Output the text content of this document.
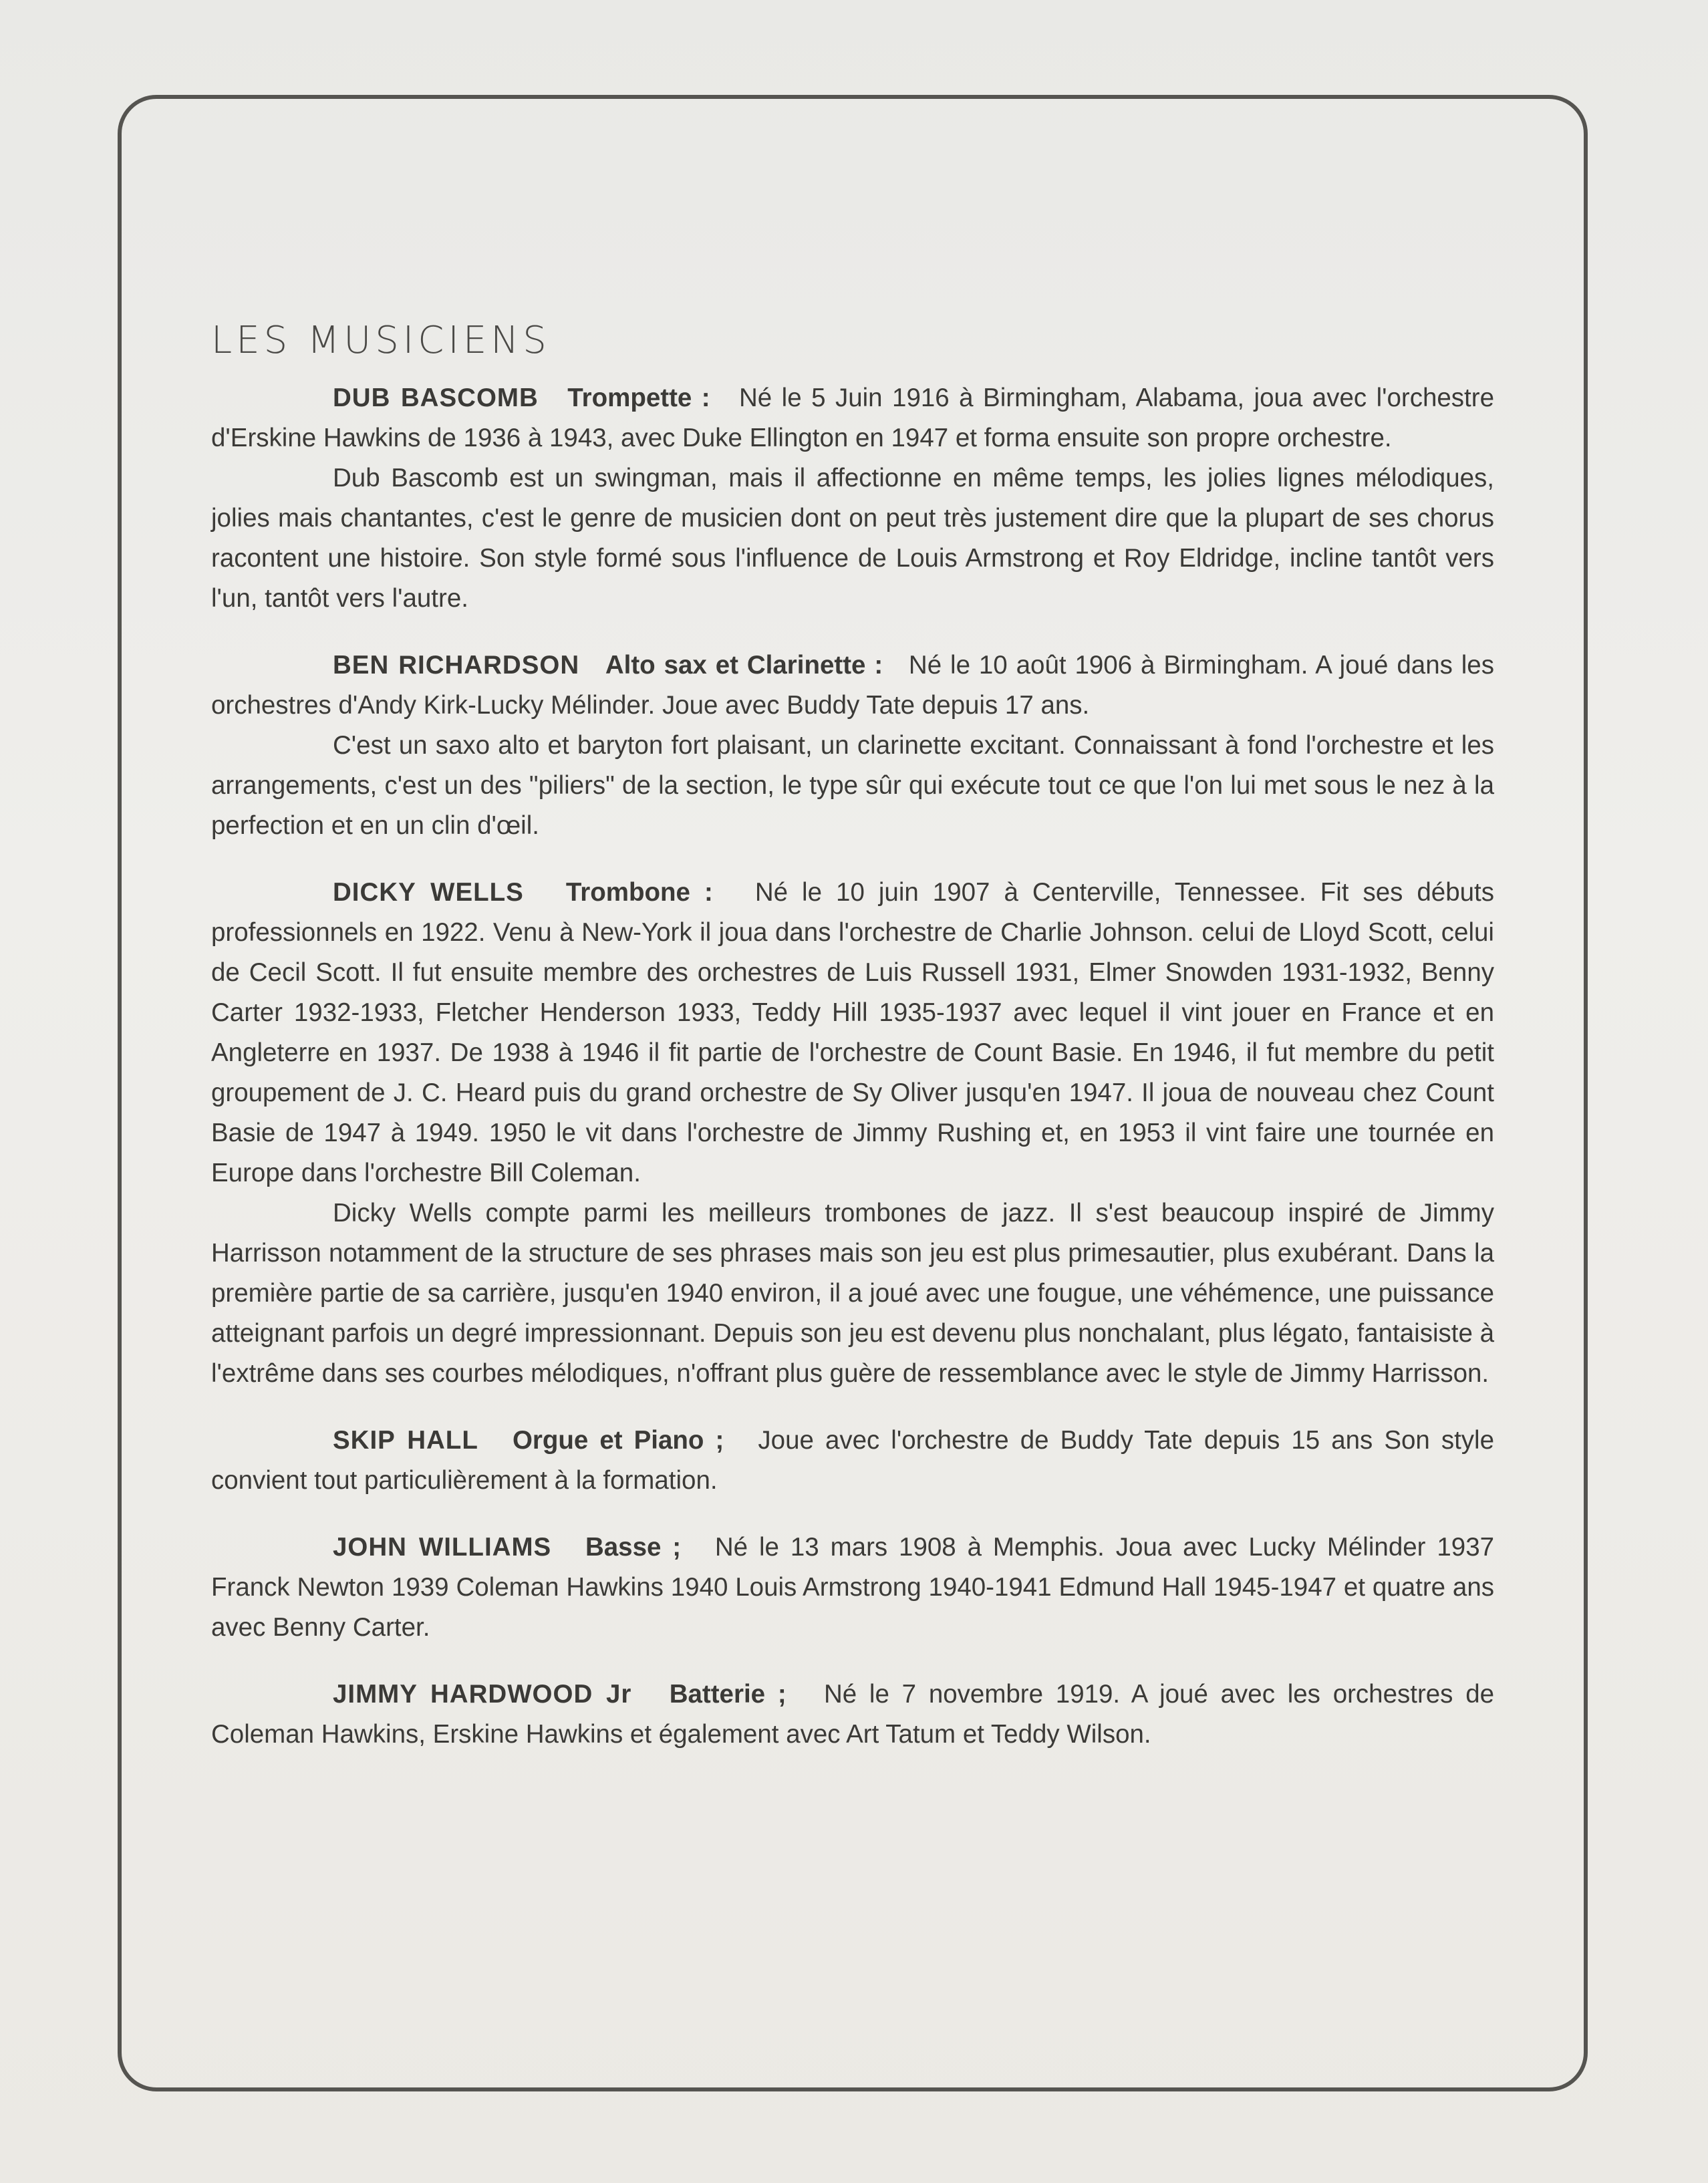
LES MUSICIENS

DUB BASCOMB Trompette : Né le 5 Juin 1916 à Birmingham, Alabama, joua avec l'orchestre d'Erskine Hawkins de 1936 à 1943, avec Duke Ellington en 1947 et forma ensuite son propre orchestre.

Dub Bascomb est un swingman, mais il affectionne en même temps, les jolies lignes mélodiques, jolies mais chantantes, c'est le genre de musicien dont on peut très justement dire que la plupart de ses chorus racontent une histoire. Son style formé sous l'influence de Louis Armstrong et Roy Eldridge, incline tantôt vers l'un, tantôt vers l'autre.

BEN RICHARDSON Alto sax et Clarinette : Né le 10 août 1906 à Birmingham. A joué dans les orchestres d'Andy Kirk-Lucky Mélinder. Joue avec Buddy Tate depuis 17 ans.

C'est un saxo alto et baryton fort plaisant, un clarinette excitant. Connaissant à fond l'orchestre et les arrangements, c'est un des "piliers" de la section, le type sûr qui exécute tout ce que l'on lui met sous le nez à la perfection et en un clin d'œil.

DICKY WELLS Trombone : Né le 10 juin 1907 à Centerville, Tennessee. Fit ses débuts professionnels en 1922. Venu à New-York il joua dans l'orchestre de Charlie Johnson. celui de Lloyd Scott, celui de Cecil Scott. Il fut ensuite membre des orchestres de Luis Russell 1931, Elmer Snowden 1931-1932, Benny Carter 1932-1933, Fletcher Henderson 1933, Teddy Hill 1935-1937 avec lequel il vint jouer en France et en Angleterre en 1937. De 1938 à 1946 il fit partie de l'orchestre de Count Basie. En 1946, il fut membre du petit groupement de J. C. Heard puis du grand orchestre de Sy Oliver jusqu'en 1947. Il joua de nouveau chez Count Basie de 1947 à 1949. 1950 le vit dans l'orchestre de Jimmy Rushing et, en 1953 il vint faire une tournée en Europe dans l'orchestre Bill Coleman.

Dicky Wells compte parmi les meilleurs trombones de jazz. Il s'est beaucoup inspiré de Jimmy Harrisson notamment de la structure de ses phrases mais son jeu est plus primesautier, plus exubérant. Dans la première partie de sa carrière, jusqu'en 1940 environ, il a joué avec une fougue, une véhémence, une puissance atteignant parfois un degré impressionnant. Depuis son jeu est devenu plus nonchalant, plus légato, fantaisiste à l'extrême dans ses courbes mélodiques, n'offrant plus guère de ressemblance avec le style de Jimmy Harrisson.

SKIP HALL Orgue et Piano ; Joue avec l'orchestre de Buddy Tate depuis 15 ans Son style convient tout particulièrement à la formation.

JOHN WILLIAMS Basse ; Né le 13 mars 1908 à Memphis. Joua avec Lucky Mélinder 1937 Franck Newton 1939 Coleman Hawkins 1940 Louis Armstrong 1940-1941 Edmund Hall 1945-1947 et quatre ans avec Benny Carter.

JIMMY HARDWOOD Jr Batterie ; Né le 7 novembre 1919. A joué avec les orchestres de Coleman Hawkins, Erskine Hawkins et également avec Art Tatum et Teddy Wilson.
